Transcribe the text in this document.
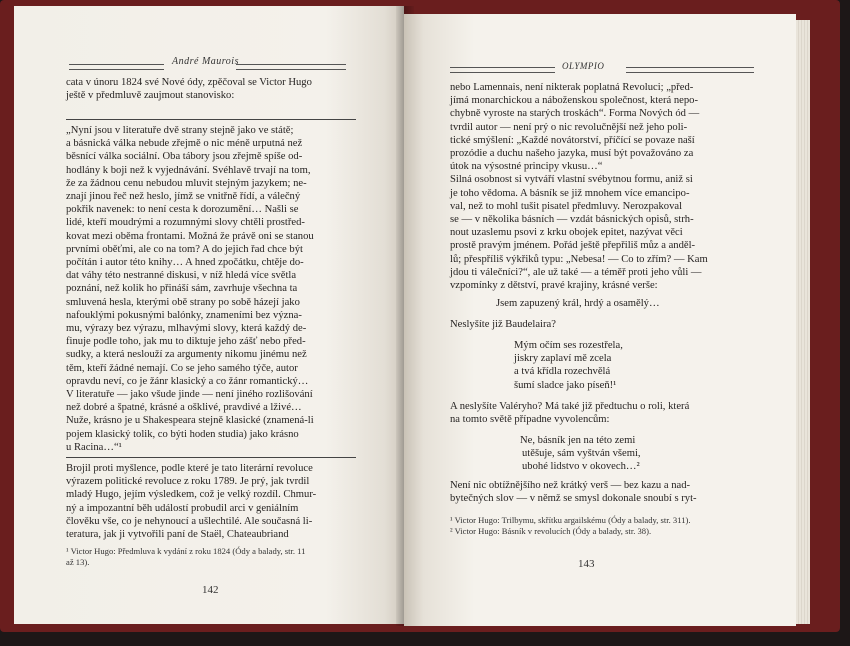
André Maurois

cata v únoru 1824 své Nové ódy, zpěčoval se Victor Hugo

ještě v předmluvě zaujmout stanovisko:

„Nyní jsou v literatuře dvě strany stejně jako ve státě;

a básnická válka nebude zřejmě o nic méně urputná než

běsnící válka sociální. Oba tábory jsou zřejmě spíše od-

hodlány k boji než k vyjednávání. Svéhlavě trvají na tom,

že za žádnou cenu nebudou mluvit stejným jazykem; ne-

znají jinou řeč než heslo, jímž se vnitřně řídí, a válečný

pokřik navenek: to není cesta k dorozumění… Našli se

lidé, kteří moudrými a rozumnými slovy chtěli prostřed-

kovat mezi oběma frontami. Možná že právě oni se stanou

prvními oběťmi, ale co na tom? A do jejich řad chce být

počítán i autor této knihy… A hned zpočátku, chtěje do-

dat váhy této nestranné diskusi, v níž hledá více světla

poznání, než kolik ho přináší sám, zavrhuje všechna ta

smluvená hesla, kterými obě strany po sobě házejí jako

nafouklými pokusnými balónky, znameními bez význa-

mu, výrazy bez výrazu, mlhavými slovy, která každý de-

finuje podle toho, jak mu to diktuje jeho zášť nebo před-

sudky, a která neslouží za argumenty nikomu jinému než

těm, kteří žádné nemají. Co se jeho samého týče, autor

opravdu neví, co je žánr klasický a co žánr romantický…

V literatuře — jako všude jinde — není jiného rozlišování

než dobré a špatné, krásné a ošklivé, pravdivé a lživé…

Nuže, krásno je u Shakespeara stejně klasické (znamená-li

pojem klasický tolik, co býti hoden studia) jako krásno

u Racina…“¹

Brojil proti myšlence, podle které je tato literární revoluce

výrazem politické revoluce z roku 1789. Je prý, jak tvrdil

mladý Hugo, jejím výsledkem, což je velký rozdíl. Chmur-

ný a impozantní běh událostí probudil arci v geniálním

člověku vše, co je nehynoucí a ušlechtilé. Ale současná li-

teratura, jak ji vytvořili paní de Staël, Chateaubriand

¹ Victor Hugo: Předmluva k vydání z roku 1824 (Ódy a balady, str. 11
až 13).
142
OLYMPIO

nebo Lamennais, není nikterak poplatná Revoluci; „před-

jímá monarchickou a náboženskou společnost, která nepo-

chybně vyroste na starých troskách“. Forma Nových ód —

tvrdil autor — není prý o nic revolučnější než jeho poli-

tické smýšlení: „Každé novátorství, příčící se povaze naší

prozódie a duchu našeho jazyka, musí být považováno za

útok na výsostné principy vkusu…“

Silná osobnost si vytváří vlastní svébytnou formu, aniž si

je toho vědoma. A básník se již mnohem více emancipo-

val, než to mohl tušit pisatel předmluvy. Nerozpakoval

se — v několika básních — vzdát básnických opisů, strh-

nout uzaslemu psovi z krku obojek epitet, nazývat věci

prostě pravým jménem. Pořád ještě přepřiliš můz a anděl-

lů; přespříliš výkřiků typu: „Nebesa! — Co to zřím? — Kam

jdou ti válečníci?“, ale už také — a téměř proti jeho vůli —

vzpomínky z dětství, pravé krajiny, krásné verše:

Jsem zapuzený král, hrdý a osamělý…
Neslyšíte již Baudelaira?
Mým očím ses rozestřela,
jiskry zaplaví mě zcela
a tvá křídla rozechvělá
šumí sladce jako píseň!¹

A neslyšíte Valéryho? Má také již předtuchu o roli, která

na tomto světě případne vyvolencům:

Ne, básník jen na této zemi
utěšuje, sám vyštván všemi,
ubohé lidstvo v okovech…²

Není nic obtížnějšího než krátký verš — bez kazu a nad-

bytečných slov — v němž se smysl dokonale snoubí s ryt-

¹ Victor Hugo: Trilbymu, skřítku argailskému (Ódy a balady, str. 311).
² Victor Hugo: Básník v revolucích (Ódy a balady, str. 38).
143
